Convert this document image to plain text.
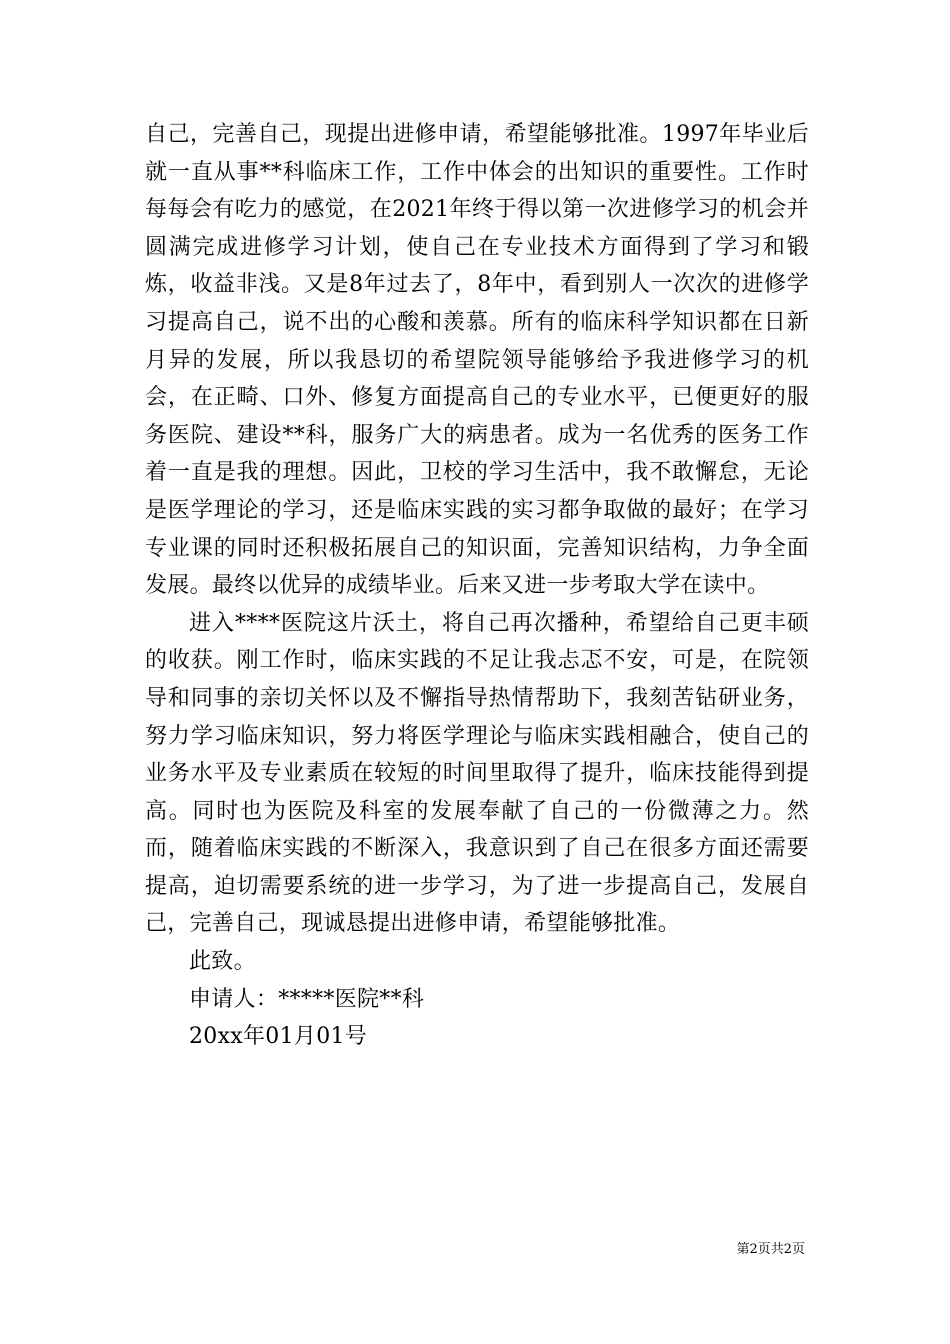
自己，完善自己，现提出进修申请，希望能够批准。1997年毕业后就一直从事**科临床工作，工作中体会的出知识的重要性。工作时每每会有吃力的感觉，在2021年终于得以第一次进修学习的机会并圆满完成进修学习计划，使自己在专业技术方面得到了学习和锻炼，收益非浅。又是8年过去了，8年中，看到别人一次次的进修学习提高自己，说不出的心酸和羡慕。所有的临床科学知识都在日新月异的发展，所以我恳切的希望院领导能够给予我进修学习的机会，在正畸、口外、修复方面提高自己的专业水平，已便更好的服务医院、建设**科，服务广大的病患者。成为一名优秀的医务工作着一直是我的理想。因此，卫校的学习生活中，我不敢懈怠，无论是医学理论的学习，还是临床实践的实习都争取做的最好；在学习专业课的同时还积极拓展自己的知识面，完善知识结构，力争全面发展。最终以优异的成绩毕业。后来又进一步考取大学在读中。

进入****医院这片沃土，将自己再次播种，希望给自己更丰硕的收获。刚工作时，临床实践的不足让我忐忑不安，可是，在院领导和同事的亲切关怀以及不懈指导热情帮助下，我刻苦钻研业务，努力学习临床知识，努力将医学理论与临床实践相融合，使自己的业务水平及专业素质在较短的时间里取得了提升，临床技能得到提高。同时也为医院及科室的发展奉献了自己的一份微薄之力。然而，随着临床实践的不断深入，我意识到了自己在很多方面还需要提高，迫切需要系统的进一步学习，为了进一步提高自己，发展自己，完善自己，现诚恳提出进修申请，希望能够批准。

此致。

申请人：*****医院**科

20xx年01月01号

第2页共2页
